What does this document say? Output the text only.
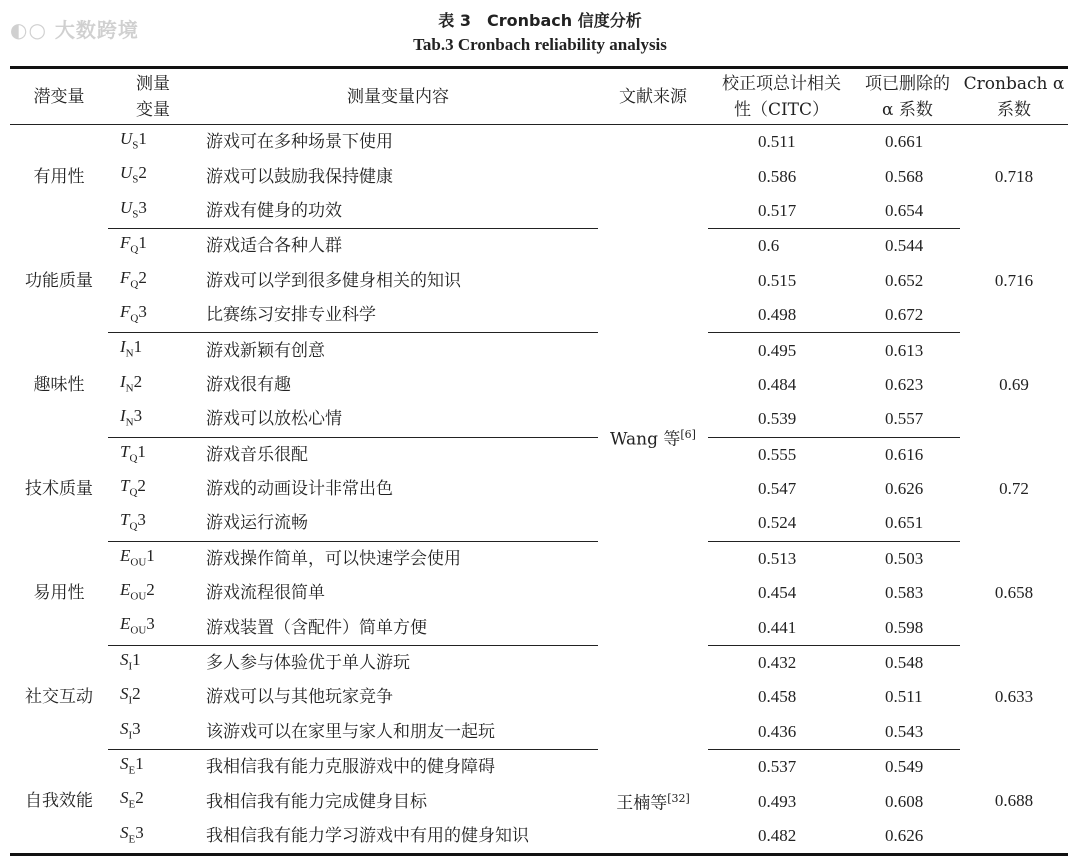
表 3　Cronbach 信度分析
Tab.3 Cronbach reliability analysis
潜变量	测量变量	测量变量内容	文献来源	校正项总计相关性（CITC）	项已删除的 α 系数	Cronbach α 系数
有用性	$U_S1$	游戏可在多种场景下使用	Wang 等[6]	0.511	0.661	0.718
	$U_S2$	游戏可以鼓励我保持健康		0.586	0.568	
	$U_S3$	游戏有健身的功效		0.517	0.654	
功能质量	$F_Q1$	游戏适合各种人群		0.6	0.544	0.716
	$F_Q2$	游戏可以学到很多健身相关的知识		0.515	0.652	
	$F_Q3$	比赛练习安排专业科学		0.498	0.672	
趣味性	$I_N1$	游戏新颖有创意		0.495	0.613	0.69
	$I_N2$	游戏很有趣		0.484	0.623	
	$I_N3$	游戏可以放松心情		0.539	0.557	
技术质量	$T_Q1$	游戏音乐很配		0.555	0.616	0.72
	$T_Q2$	游戏的动画设计非常出色		0.547	0.626	
	$T_Q3$	游戏运行流畅		0.524	0.651	
易用性	$E_{OU}1$	游戏操作简单，可以快速学会使用		0.513	0.503	0.658
	$E_{OU}2$	游戏流程很简单		0.454	0.583	
	$E_{OU}3$	游戏装置（含配件）简单方便		0.441	0.598	
社交互动	$S_I1$	多人参与体验优于单人游玩		0.432	0.548	0.633
	$S_I2$	游戏可以与其他玩家竞争		0.458	0.511	
	$S_I3$	该游戏可以在家里与家人和朋友一起玩		0.436	0.543	
自我效能	$S_E1$	我相信我有能力克服游戏中的健身障碍	王楠等[32]	0.537	0.549	0.688
	$S_E2$	我相信我有能力完成健身目标		0.493	0.608	
	$S_E3$	我相信我有能力学习游戏中有用的健身知识		0.482	0.626	
◐○ 大数跨境
